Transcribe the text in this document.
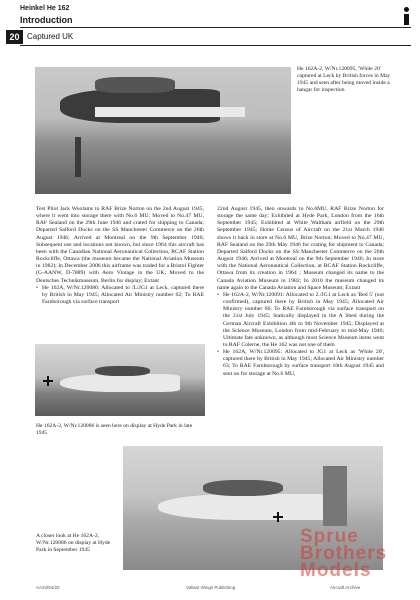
Heinkel He 162
Introduction
20 Captured UK
He 162A-2, W/Nr.120095, 'White 20' captured at Leck by British forces in May 1945 and seen after being moved inside a hangar for inspection

Test Pilot Jack Woolams to RAF Brize Norton on the 2nd August 1945, where it went into storage there with No.6 MU; Moved to No.47 MU, RAF Sealand on the 29th June 1946 and crated for shipping to Canada; Departed Salford Docks on the SS Manchester Commerce on the 26th August 1946; Arrived at Montreal on the 9th September 1946; Subsequent use and locations not known, but since 1964 this aircraft has been with the Canadian National Aeronautical Collection, RCAF Station Rockcliffe, Ottawa (the museum became the National Aviation Museum in 1982); In December 2006 this airframe was traded for a Bristol Fighter (G-AANW, D-7889) with Aero Vintage in the UK; Moved to the Deutsches Technikmuseum, Berlin for display; Extant

• He 162A, W/Nr.120086: Allocated to /L/JG1 at Leck, captured there by British in May 1945; Allocated Air Ministry number 62; To RAE Farnborough via surface transport

22nd August 1945, then onwards to No.6MU, RAF Brize Norton for storage the same day; Exhibited at Hyde Park, London from the 16th September 1945; Exhibited at White Waltham airfield on the 29th September 1945; Home Census of Aircraft on the 21st March 1946 shows it back in store at No.6 MU, Brize Norton; Moved to No.47 MU, RAF Sealand on the 29th May 1946 for crating for shipment to Canada; Departed Salford Docks on the SS Manchester Commerce on the 26th August 1946; Arrived at Montreal on the 9th September 1946; In store with the National Aeronautical Collection, at RCAF Station Rockcliffe, Ottawa from its creation in 1964 ; Museum changed its name to the Canada Aviation Museum in 1982; In 2010 the museum changed its name again to the Canada Aviation and Space Museum; Extant

• He 162A-2, W/Nr.120091: Allocated to 2./JG1 at Leck as 'Red 5' (not confirmed), captured there by British in May 1945; Allocated Air Ministry number 66; To RAE Farnborough via surface transport on the 31st July 1945; Statically displayed in the A Shed during the German Aircraft Exhibition 4th to 9th November 1945; Displayed at the Science Museum, London from mid-February to mid-May 1946; Ultimate fate unknown, as although most Science Museum items went to RAF Colerne, the He 162 was not one of them
• He 162A, W/Nr.120095: Allocated to JG1 at Leck as 'White 20', captured there by British in May 1945; Allocated Air Ministry number 63; To RAE Farnborough by surface transport 10th August 1945 and sent on for storage at No.6 MU,
He 162A-2, W/Nr.120086 is seen here on display at Hyde Park in late 1945
Sprue Brothers Models
A closer look at He 162A-2, W/Nr.120086 on display at Hyde Park in September 1945
AA33/04/20	Valiant Wings Publishing	Aircraft Archive
